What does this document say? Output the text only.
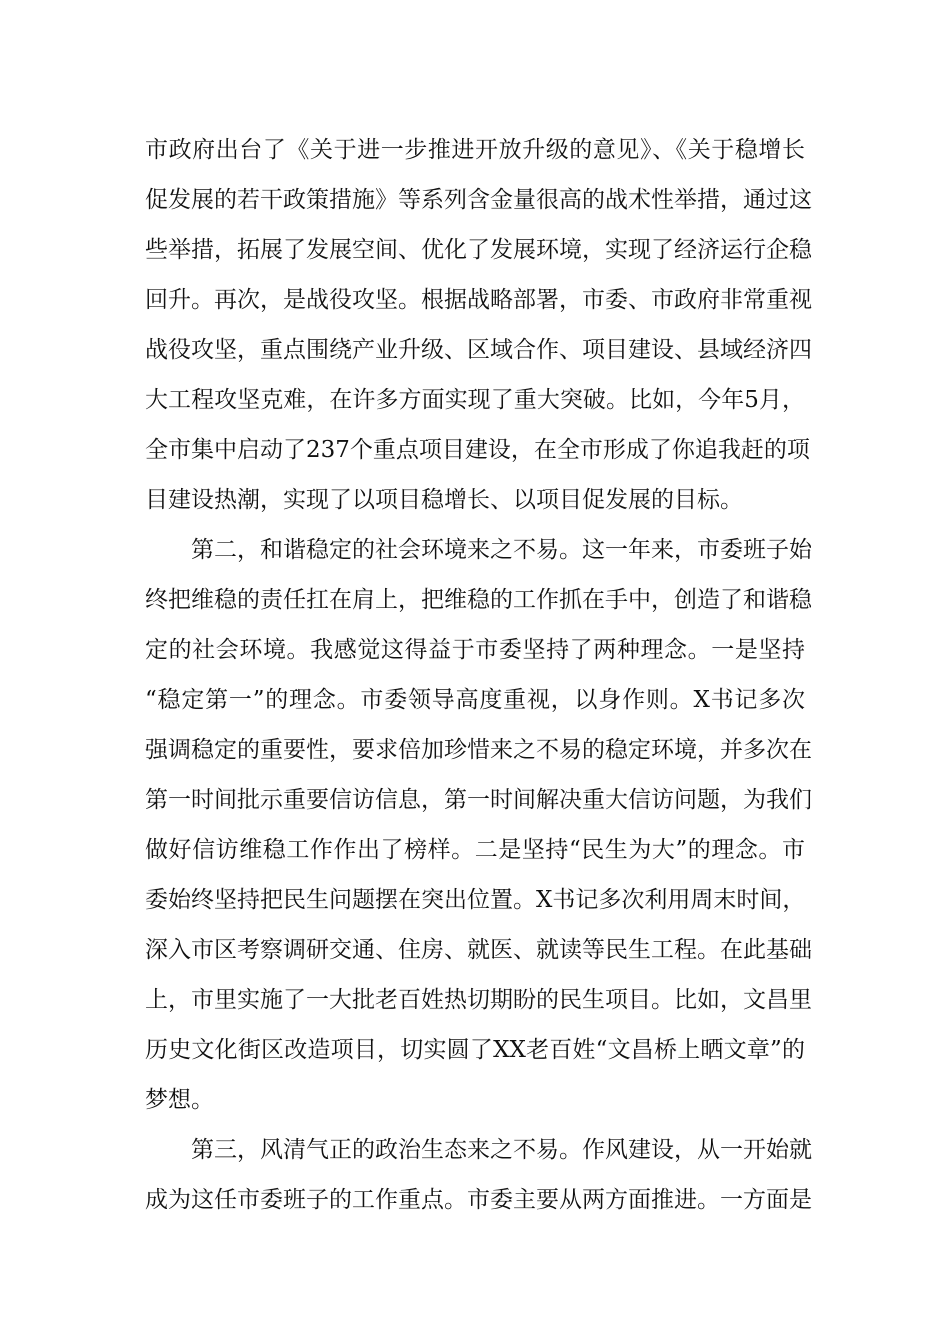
市政府出台了《关于进一步推进开放升级的意见》、《关于稳增长
促发展的若干政策措施》等系列含金量很高的战术性举措，通过这
些举措，拓展了发展空间、优化了发展环境，实现了经济运行企稳
回升。再次，是战役攻坚。根据战略部署，市委、市政府非常重视
战役攻坚，重点围绕产业升级、区域合作、项目建设、县域经济四
大工程攻坚克难，在许多方面实现了重大突破。比如，今年5月，
全市集中启动了237个重点项目建设，在全市形成了你追我赶的项
目建设热潮，实现了以项目稳增长、以项目促发展的目标。
　　第二，和谐稳定的社会环境来之不易。这一年来，市委班子始
终把维稳的责任扛在肩上，把维稳的工作抓在手中，创造了和谐稳
定的社会环境。我感觉这得益于市委坚持了两种理念。一是坚持
“稳定第一”的理念。市委领导高度重视，以身作则。X书记多次
强调稳定的重要性，要求倍加珍惜来之不易的稳定环境，并多次在
第一时间批示重要信访信息，第一时间解决重大信访问题，为我们
做好信访维稳工作作出了榜样。二是坚持“民生为大”的理念。市
委始终坚持把民生问题摆在突出位置。X书记多次利用周末时间，
深入市区考察调研交通、住房、就医、就读等民生工程。在此基础
上，市里实施了一大批老百姓热切期盼的民生项目。比如，文昌里
历史文化街区改造项目，切实圆了XX老百姓“文昌桥上晒文章”的
梦想。
　　第三，风清气正的政治生态来之不易。作风建设，从一开始就
成为这任市委班子的工作重点。市委主要从两方面推进。一方面是
